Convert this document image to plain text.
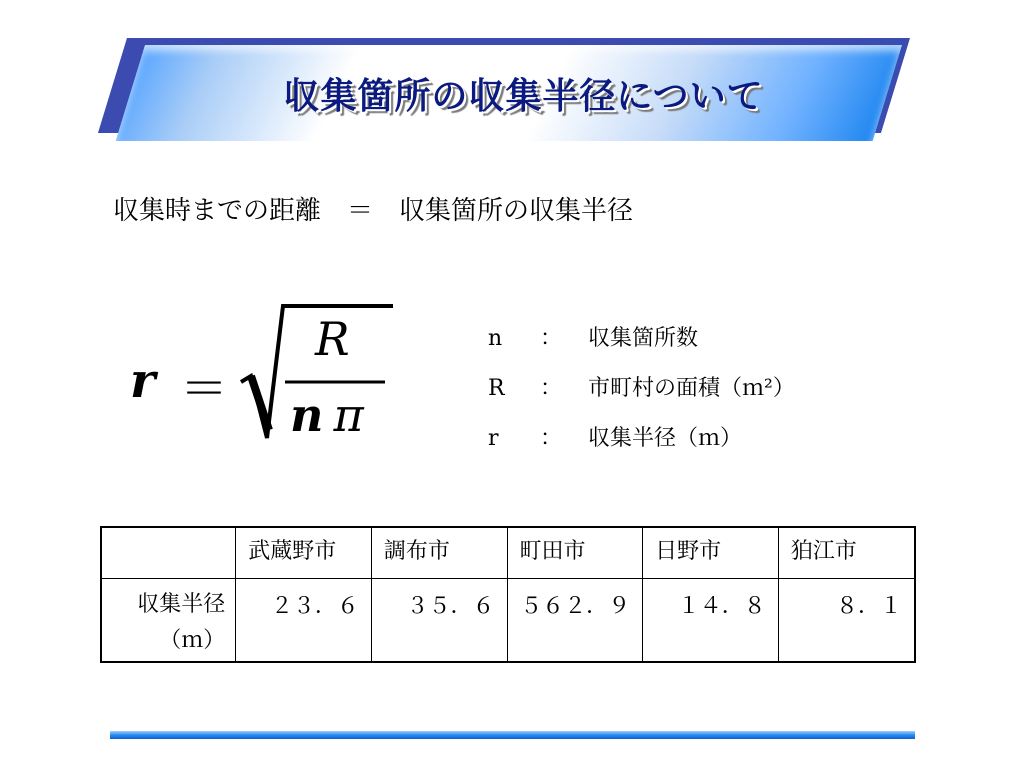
収集箇所の収集半径について
収集時までの距離　＝　収集箇所の収集半径
r ＝
R
n π
n ： 収集箇所数
R ： 市町村の面積（ｍ²）
r ： 収集半径（ｍ）
	武蔵野市	調布市	町田市	日野市	狛江市

収集半径
（ｍ）	２３．６	３５．６	５６２．９	１４．８	８．１
